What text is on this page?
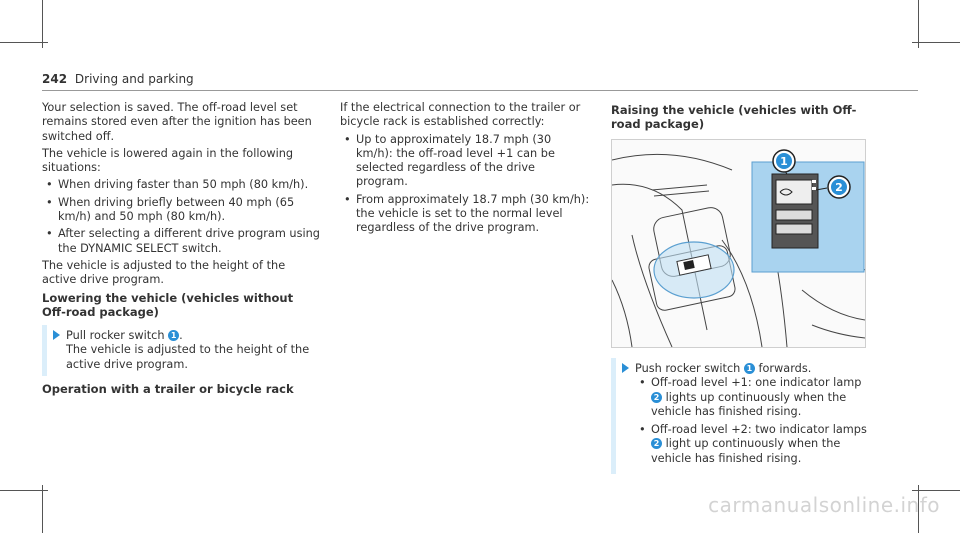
242 Driving and parking

Your selection is saved. The off-road level set remains stored even after the ignition has been switched off.

The vehicle is lowered again in the following situations:

• When driving faster than 50 mph (80 km/h).
• When driving briefly between 40 mph (65 km/h) and 50 mph (80 km/h).
• After selecting a different drive program using the DYNAMIC SELECT switch.

The vehicle is adjusted to the height of the active drive program.

Lowering the vehicle (vehicles without Off-road package)
Pull rocker switch 1 .
The vehicle is adjusted to the height of the active drive program.
Operation with a trailer or bicycle rack

If the electrical connection to the trailer or bicycle rack is established correctly:

• Up to approximately 18.7 mph (30 km/h): the off-road level +1 can be selected regardless of the drive program.
• From approximately 18.7 mph (30 km/h): the vehicle is set to the normal level regardless of the drive program.
Raising the vehicle (vehicles with Off-road package)
1
2
Push rocker switch 1 forwards.
• Off-road level +1: one indicator lamp 2 lights up continuously when the vehicle has finished rising.
• Off-road level +2: two indicator lamps 2 light up continuously when the vehicle has finished rising.
carmanualsonline.info
